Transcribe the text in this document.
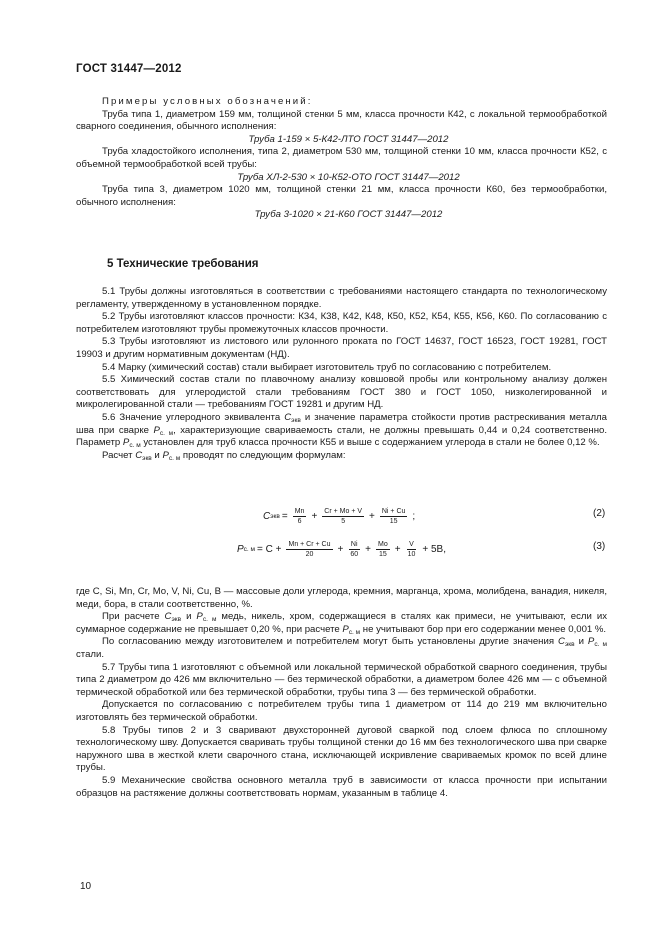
ГОСТ 31447—2012

Примеры условных обозначений:

Труба типа 1, диаметром 159 мм, толщиной стенки 5 мм, класса прочности К42, с локальной термообработкой сварного соединения, обычного исполнения:

Труба 1-159 × 5-К42-ЛТО ГОСТ 31447—2012

Труба хладостойкого исполнения, типа 2, диаметром 530 мм, толщиной стенки 10 мм, класса прочности К52, с объемной термообработкой всей трубы:

Труба ХЛ-2-530 × 10-К52-ОТО ГОСТ 31447—2012

Труба типа 3, диаметром 1020 мм, толщиной стенки 21 мм, класса прочности К60, без термообработки, обычного исполнения:

Труба 3-1020 × 21-К60 ГОСТ 31447—2012

5 Технические требования

5.1 Трубы должны изготовляться в соответствии с требованиями настоящего стандарта по технологическому регламенту, утвержденному в установленном порядке.

5.2 Трубы изготовляют классов прочности: К34, К38, К42, К48, К50, К52, К54, К55, К56, К60. По согласованию с потребителем изготовляют трубы промежуточных классов прочности.

5.3 Трубы изготовляют из листового или рулонного проката по ГОСТ 14637, ГОСТ 16523, ГОСТ 19281, ГОСТ 19903 и другим нормативным документам (НД).

5.4 Марку (химический состав) стали выбирает изготовитель труб по согласованию с потребителем.

5.5 Химический состав стали по плавочному анализу ковшовой пробы или контрольному анализу должен соответствовать для углеродистой стали требованиям ГОСТ 380 и ГОСТ 1050, низколегированной и микролегированной стали — требованиям ГОСТ 19281 и другим НД.

5.6 Значение углеродного эквивалента $C_{экв}$ и значение параметра стойкости против растрескивания металла шва при сварке $P_{с. м}$, характеризующие свариваемость стали, не должны превышать 0,44 и 0,24 соответственно. Параметр $P_{с. м}$ установлен для труб класса прочности К55 и выше с содержанием углерода в стали не более 0,12 %.

Расчет $C_{экв}$ и $P_{с. м}$ проводят по следующим формулам:

C экв = $\frac{Mn}{6} + \frac{Cr + Mo + V}{5} + \frac{Ni + Cu}{15}$ ;	(2)
P с. $м = C + \frac{Mn + Cr + Cu}{20} + \frac{Ni}{60} + \frac{Mo}{15} + \frac{V}{10} + 5B$,	(3)

где C, Si, Mn, Cr, Mo, V, Ni, Cu, B — массовые доли углерода, кремния, марганца, хрома, молибдена, ванадия, никеля, меди, бора, в стали соответственно, %.

При расчете $C_{экв}$ и $P_{с. м}$ медь, никель, хром, содержащиеся в сталях как примеси, не учитывают, если их суммарное содержание не превышает 0,20 %, при расчете $P_{с. м}$ не учитывают бор при его содержании менее 0,001 %.

По согласованию между изготовителем и потребителем могут быть установлены другие значения $C_{экв}$ и $P_{с. м}$ стали.

5.7 Трубы типа 1 изготовляют с объемной или локальной термической обработкой сварного соединения, трубы типа 2 диаметром до 426 мм включительно — без термической обработки, а диаметром более 426 мм — с объемной термической обработкой или без термической обработки, трубы типа 3 — без термической обработки.

Допускается по согласованию с потребителем трубы типа 1 диаметром от 114 до 219 мм включительно изготовлять без термической обработки.

5.8 Трубы типов 2 и 3 сваривают двухсторонней дуговой сваркой под слоем флюса по сплошному технологическому шву. Допускается сваривать трубы толщиной стенки до 16 мм без технологического шва при сварке наружного шва в жесткой клети сварочного стана, исключающей искривление свариваемых кромок по всей длине трубы.

5.9 Механические свойства основного металла труб в зависимости от класса прочности при испытании образцов на растяжение должны соответствовать нормам, указанным в таблице 4.

10
